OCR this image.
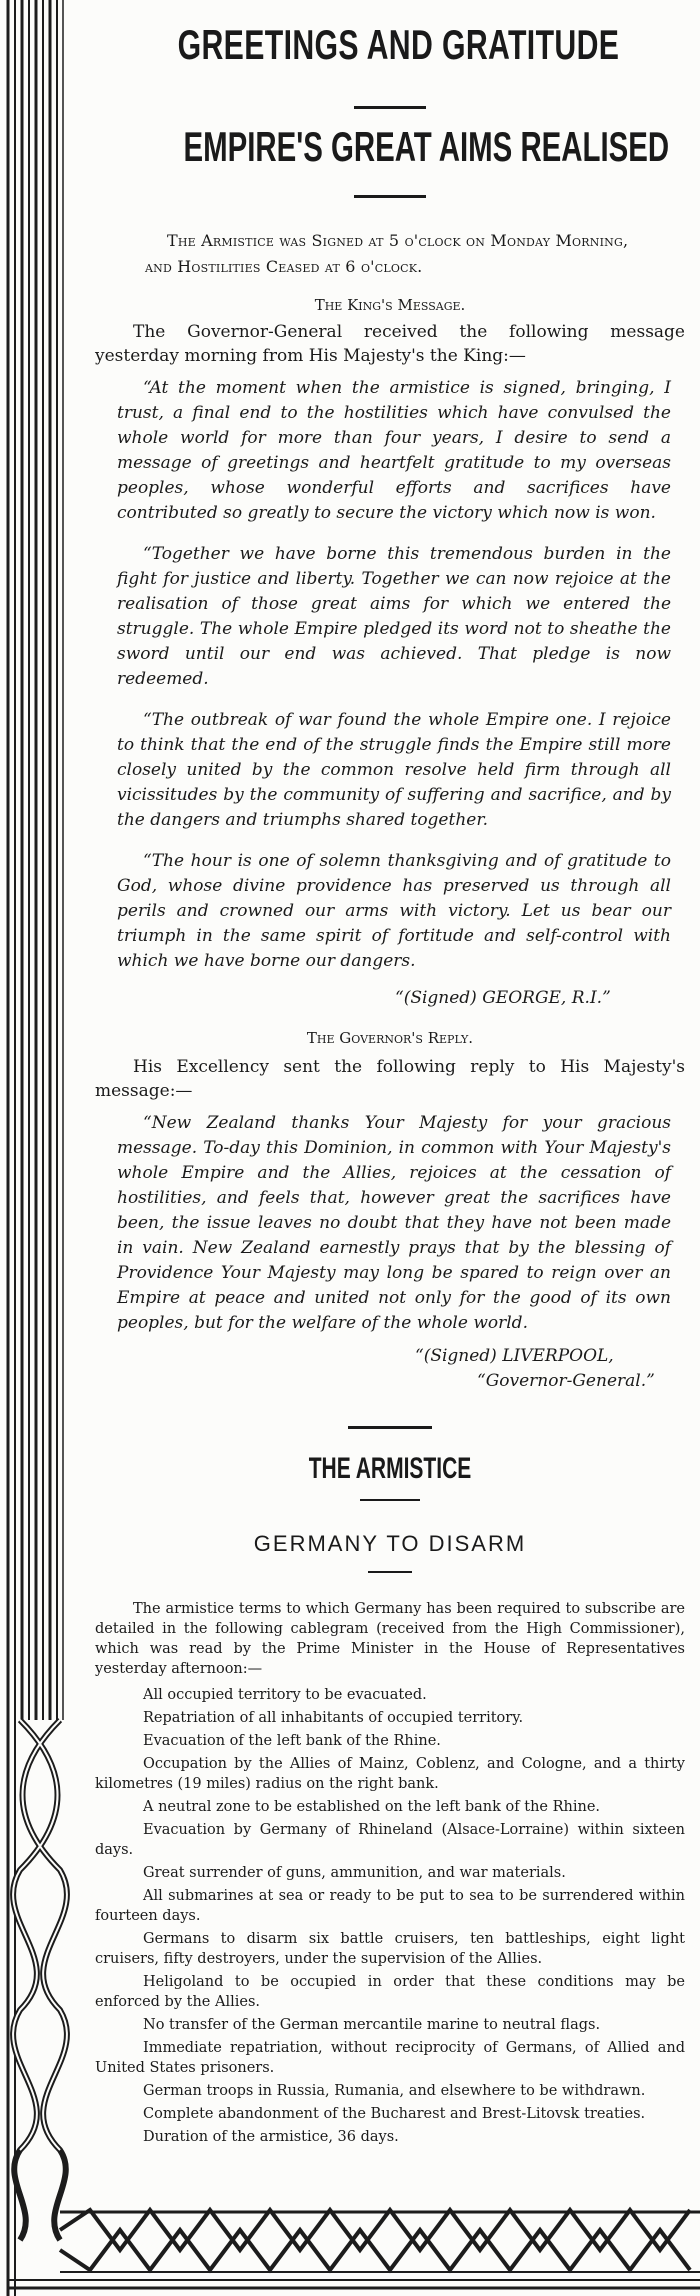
GREETINGS AND GRATITUDE
EMPIRE'S GREAT AIMS REALISED
The Armistice was Signed at 5 o'clock on Monday Morning,
and Hostilities Ceased at 6 o'clock.
The King's Message.

The Governor-General received the following message yesterday morning from His Majesty's the King:—

“At the moment when the armistice is signed, bringing, I trust, a final end to the hostilities which have convulsed the whole world for more than four years, I desire to send a message of greetings and heartfelt gratitude to my overseas peoples, whose wonderful efforts and sacrifices have contributed so greatly to secure the victory which now is won.

“Together we have borne this tremendous burden in the fight for justice and liberty. Together we can now rejoice at the realisation of those great aims for which we entered the struggle. The whole Empire pledged its word not to sheathe the sword until our end was achieved. That pledge is now redeemed.

“The outbreak of war found the whole Empire one. I rejoice to think that the end of the struggle finds the Empire still more closely united by the common resolve held firm through all vicissitudes by the community of suffering and sacrifice, and by the dangers and triumphs shared together.

“The hour is one of solemn thanksgiving and of gratitude to God, whose divine providence has preserved us through all perils and crowned our arms with victory. Let us bear our triumph in the same spirit of fortitude and self-control with which we have borne our dangers.

“(Signed) GEORGE, R.I.”
The Governor's Reply.

His Excellency sent the following reply to His Majesty's message:—

“New Zealand thanks Your Majesty for your gracious message. To-day this Dominion, in common with Your Majesty's whole Empire and the Allies, rejoices at the cessation of hostilities, and feels that, however great the sacrifices have been, the issue leaves no doubt that they have not been made in vain. New Zealand earnestly prays that by the blessing of Providence Your Majesty may long be spared to reign over an Empire at peace and united not only for the good of its own peoples, but for the welfare of the whole world.

“(Signed) LIVERPOOL,
“Governor-General.”
THE ARMISTICE
GERMANY TO DISARM

The armistice terms to which Germany has been required to subscribe are detailed in the following cablegram (received from the High Commissioner), which was read by the Prime Minister in the House of Representatives yesterday afternoon:—

All occupied territory to be evacuated.

Repatriation of all inhabitants of occupied territory.

Evacuation of the left bank of the Rhine.

Occupation by the Allies of Mainz, Coblenz, and Cologne, and a thirty kilometres (19 miles) radius on the right bank.

A neutral zone to be established on the left bank of the Rhine.

Evacuation by Germany of Rhineland (Alsace-Lorraine) within sixteen days.

Great surrender of guns, ammunition, and war materials.

All submarines at sea or ready to be put to sea to be surrendered within fourteen days.

Germans to disarm six battle cruisers, ten battleships, eight light cruisers, fifty destroyers, under the supervision of the Allies.

Heligoland to be occupied in order that these conditions may be enforced by the Allies.

No transfer of the German mercantile marine to neutral flags.

Immediate repatriation, without reciprocity of Germans, of Allied and United States prisoners.

German troops in Russia, Rumania, and elsewhere to be withdrawn.

Complete abandonment of the Bucharest and Brest-Litovsk treaties.

Duration of the armistice, 36 days.
